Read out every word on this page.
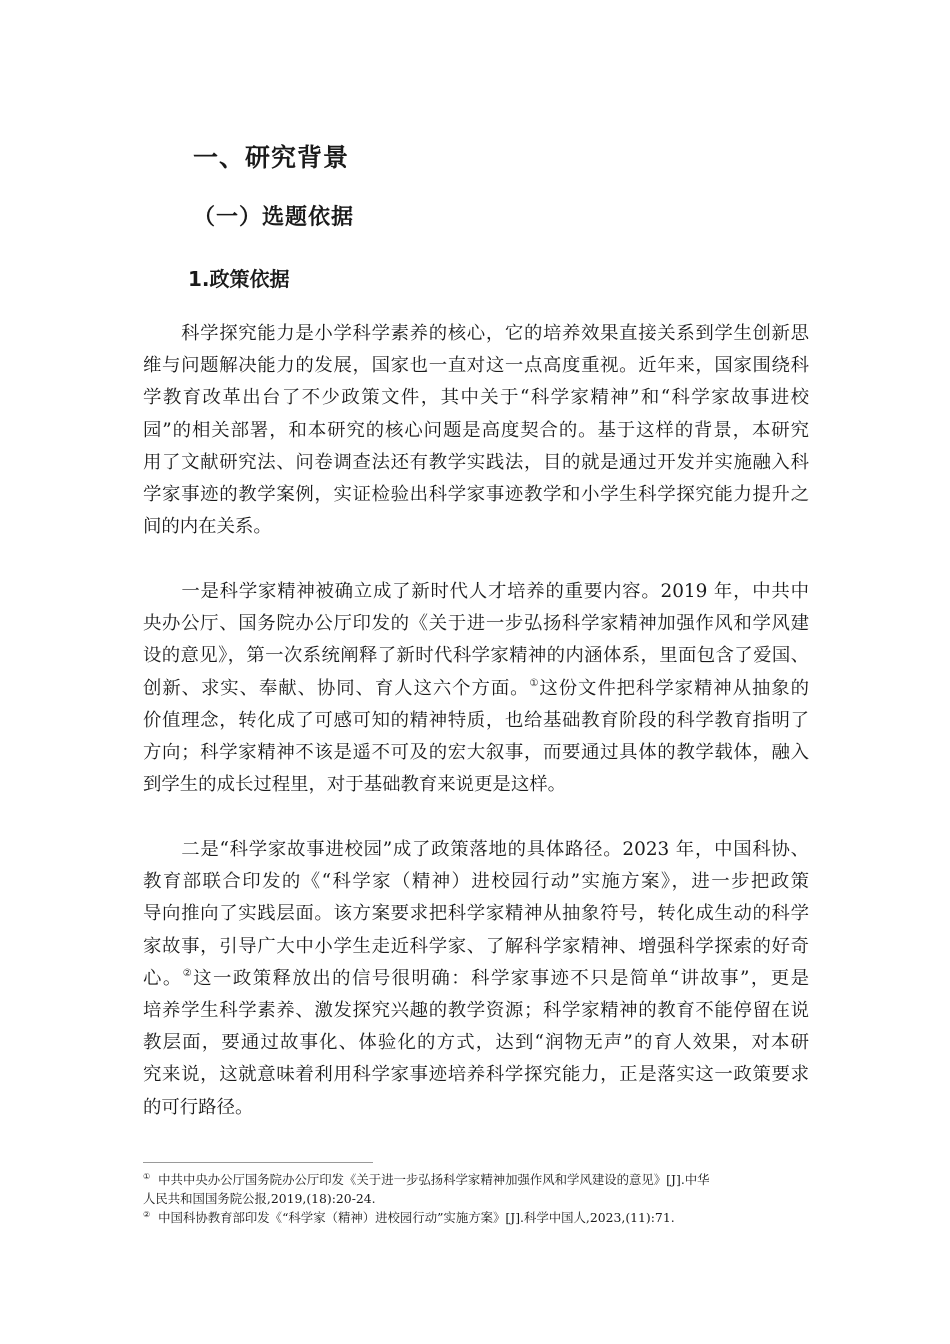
一、研究背景
（一）选题依据
1.政策依据
　　科学探究能力是小学科学素养的核心，它的培养效果直接关系到学生创新思
维与问题解决能力的发展，国家也一直对这一点高度重视。近年来，国家围绕科
学教育改革出台了不少政策文件，其中关于“科学家精神”和“科学家故事进校
园”的相关部署，和本研究的核心问题是高度契合的。基于这样的背景，本研究
用了文献研究法、问卷调查法还有教学实践法，目的就是通过开发并实施融入科
学家事迹的教学案例，实证检验出科学家事迹教学和小学生科学探究能力提升之
间的内在关系。
　　一是科学家精神被确立成了新时代人才培养的重要内容。2019 年，中共中
央办公厅、国务院办公厅印发的《关于进一步弘扬科学家精神加强作风和学风建
设的意见》，第一次系统阐释了新时代科学家精神的内涵体系，里面包含了爱国、
创新、求实、奉献、协同、育人这六个方面。①这份文件把科学家精神从抽象的
价值理念，转化成了可感可知的精神特质，也给基础教育阶段的科学教育指明了
方向；科学家精神不该是遥不可及的宏大叙事，而要通过具体的教学载体，融入
到学生的成长过程里，对于基础教育来说更是这样。
　　二是“科学家故事进校园”成了政策落地的具体路径。2023 年，中国科协、
教育部联合印发的《“科学家（精神）进校园行动”实施方案》，进一步把政策
导向推向了实践层面。该方案要求把科学家精神从抽象符号，转化成生动的科学
家故事，引导广大中小学生走近科学家、了解科学家精神、增强科学探索的好奇
心。②这一政策释放出的信号很明确：科学家事迹不只是简单“讲故事”，更是
培养学生科学素养、激发探究兴趣的教学资源；科学家精神的教育不能停留在说
教层面，要通过故事化、体验化的方式，达到“润物无声”的育人效果，对本研
究来说，这就意味着利用科学家事迹培养科学探究能力，正是落实这一政策要求
的可行路径。
① 中共中央办公厅国务院办公厅印发《关于进一步弘扬科学家精神加强作风和学风建设的意见》[J].中华
人民共和国国务院公报,2019,(18):20-24.
② 中国科协教育部印发《“科学家（精神）进校园行动”实施方案》[J].科学中国人,2023,(11):71.
